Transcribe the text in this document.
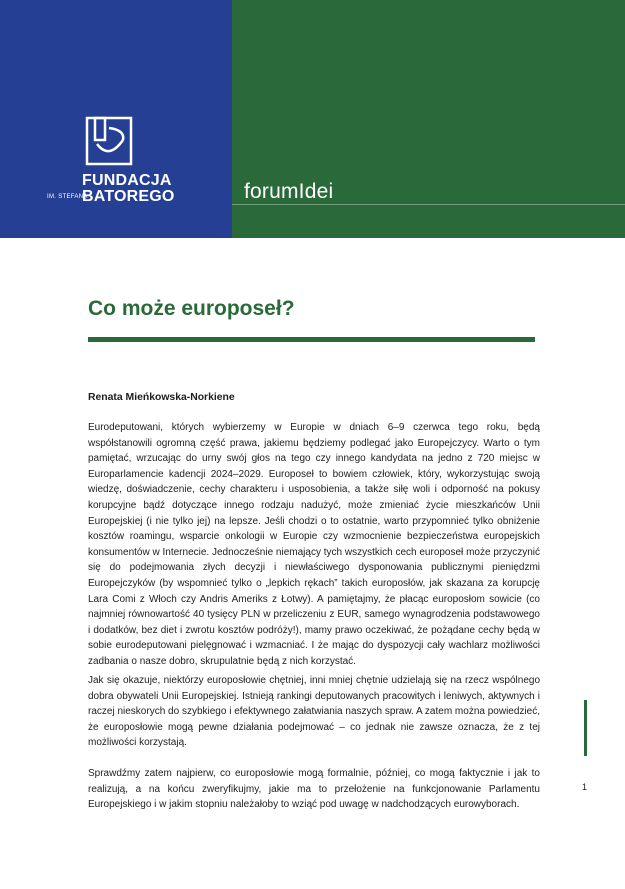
FUNDACJA
BATOREGO
IM. STEFANA	forumIdei
Co może europoseł?
Renata Mieńkowska-Norkiene

Eurodeputowani, których wybierzemy w Europie w dniach 6–9 czerwca tego roku, będą współstanowili ogromną część prawa, jakiemu będziemy podlegać jako Europejczycy. Warto o tym pamiętać, wrzucając do urny swój głos na tego czy innego kandydata na jedno z 720 miejsc w Europarlamencie kadencji 2024–2029. Europoseł to bowiem człowiek, który, wykorzystując swoją wiedzę, doświadczenie, cechy charakteru i usposobienia, a także siłę woli i odporność na pokusy korupcyjne bądź dotyczące innego rodzaju nadużyć, może zmieniać życie mieszkańców Unii Europejskiej (i nie tylko jej) na lepsze. Jeśli chodzi o to ostatnie, warto przypomnieć tylko obniżenie kosztów roamingu, wsparcie onkologii w Europie czy wzmocnienie bezpieczeństwa europejskich konsumentów w Internecie. Jednocześnie niemający tych wszystkich cech europoseł może przyczynić się do podejmowania złych decyzji i niewłaściwego dysponowania publicznymi pieniędzmi Europejczyków (by wspomnieć tylko o „lepkich rękach” takich europosłów, jak skazana za korupcję Lara Comi z Włoch czy Andris Ameriks z Łotwy). A pamiętajmy, że płacąc europosłom sowicie (co najmniej równowartość 40 tysięcy PLN w przeliczeniu z EUR, samego wynagrodzenia podstawowego i dodatków, bez diet i zwrotu kosztów podróży!), mamy prawo oczekiwać, że pożądane cechy będą w sobie eurodeputowani pielęgnować i wzmacniać. I że mając do dyspozycji cały wachlarz możliwości zadbania o nasze dobro, skrupulatnie będą z nich korzystać.

Jak się okazuje, niektórzy europosłowie chętniej, inni mniej chętnie udzielają się na rzecz wspólnego dobra obywateli Unii Europejskiej. Istnieją rankingi deputowanych pracowitych i leniwych, aktywnych i raczej nieskorych do szybkiego i efektywnego załatwiania naszych spraw. A zatem można powiedzieć, że europosłowie mogą pewne działania podejmować – co jednak nie zawsze oznacza, że z tej możliwości korzystają.

Sprawdźmy zatem najpierw, co europosłowie mogą formalnie, później, co mogą faktycznie i jak to realizują, a na końcu zweryfikujmy, jakie ma to przełożenie na funkcjonowanie Parlamentu Europejskiego i w jakim stopniu należałoby to wziąć pod uwagę w nadchodzących eurowyborach.

1
